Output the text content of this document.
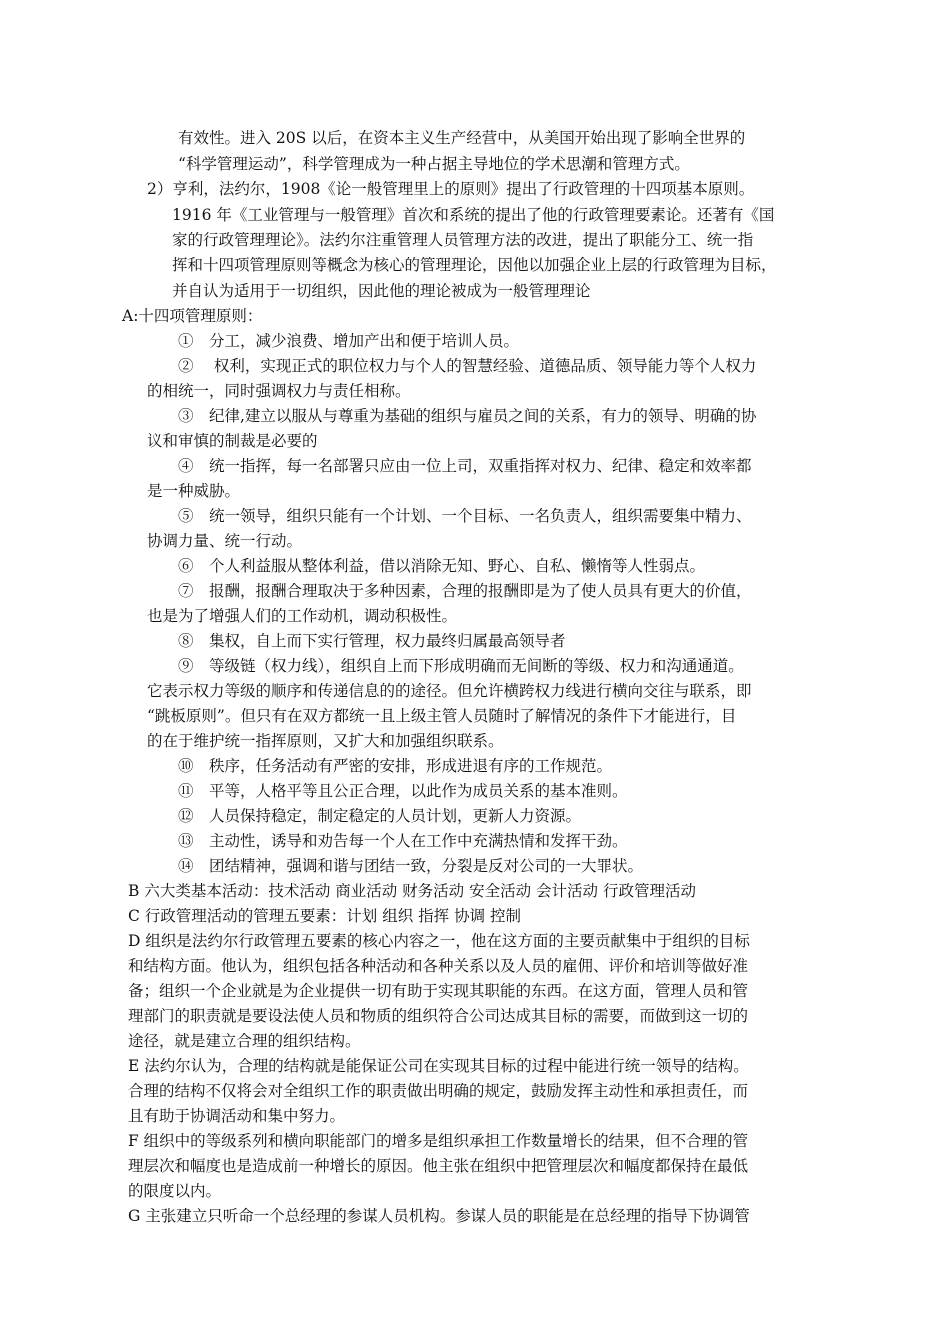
有效性。进入 20S 以后，在资本主义生产经营中，从美国开始出现了影响全世界的
“科学管理运动”，科学管理成为一种占据主导地位的学术思潮和管理方式。
2）亨利，法约尔，1908《论一般管理里上的原则》提出了行政管理的十四项基本原则。
1916 年《工业管理与一般管理》首次和系统的提出了他的行政管理要素论。还著有《国
家的行政管理理论》。法约尔注重管理人员管理方法的改进，提出了职能分工、统一指
挥和十四项管理原则等概念为核心的管理理论，因他以加强企业上层的行政管理为目标，
并自认为适用于一切组织，因此他的理论被成为一般管理理论
A:十四项管理原则：
①　分工，减少浪费、增加产出和便于培训人员。
②　 权利，实现正式的职位权力与个人的智慧经验、道德品质、领导能力等个人权力
的相统一，同时强调权力与责任相称。
③　纪律,建立以服从与尊重为基础的组织与雇员之间的关系，有力的领导、明确的协
议和审慎的制裁是必要的
④　统一指挥，每一名部署只应由一位上司，双重指挥对权力、纪律、稳定和效率都
是一种威胁。
⑤　统一领导，组织只能有一个计划、一个目标、一名负责人，组织需要集中精力、
协调力量、统一行动。
⑥　个人利益服从整体利益，借以消除无知、野心、自私、懒惰等人性弱点。
⑦　报酬，报酬合理取决于多种因素，合理的报酬即是为了使人员具有更大的价值，
也是为了增强人们的工作动机，调动积极性。
⑧　集权，自上而下实行管理，权力最终归属最高领导者
⑨　等级链（权力线），组织自上而下形成明确而无间断的等级、权力和沟通通道。
它表示权力等级的顺序和传递信息的的途径。但允许横跨权力线进行横向交往与联系，即
“跳板原则”。但只有在双方都统一且上级主管人员随时了解情况的条件下才能进行，目
的在于维护统一指挥原则，又扩大和加强组织联系。
⑩　秩序，任务活动有严密的安排，形成进退有序的工作规范。
⑪　平等，人格平等且公正合理，以此作为成员关系的基本准则。
⑫　人员保持稳定，制定稳定的人员计划，更新人力资源。
⑬　主动性，诱导和劝告每一个人在工作中充满热情和发挥干劲。
⑭　团结精神，强调和谐与团结一致，分裂是反对公司的一大罪状。
B 六大类基本活动：技术活动 商业活动 财务活动 安全活动 会计活动 行政管理活动
C 行政管理活动的管理五要素：计划 组织 指挥 协调 控制
D 组织是法约尔行政管理五要素的核心内容之一，他在这方面的主要贡献集中于组织的目标
和结构方面。他认为，组织包括各种活动和各种关系以及人员的雇佣、评价和培训等做好准
备；组织一个企业就是为企业提供一切有助于实现其职能的东西。在这方面，管理人员和管
理部门的职责就是要设法使人员和物质的组织符合公司达成其目标的需要，而做到这一切的
途径，就是建立合理的组织结构。
E 法约尔认为，合理的结构就是能保证公司在实现其目标的过程中能进行统一领导的结构。
合理的结构不仅将会对全组织工作的职责做出明确的规定，鼓励发挥主动性和承担责任，而
且有助于协调活动和集中努力。
F 组织中的等级系列和横向职能部门的增多是组织承担工作数量增长的结果，但不合理的管
理层次和幅度也是造成前一种增长的原因。他主张在组织中把管理层次和幅度都保持在最低
的限度以内。
G 主张建立只听命一个总经理的参谋人员机构。参谋人员的职能是在总经理的指导下协调管
